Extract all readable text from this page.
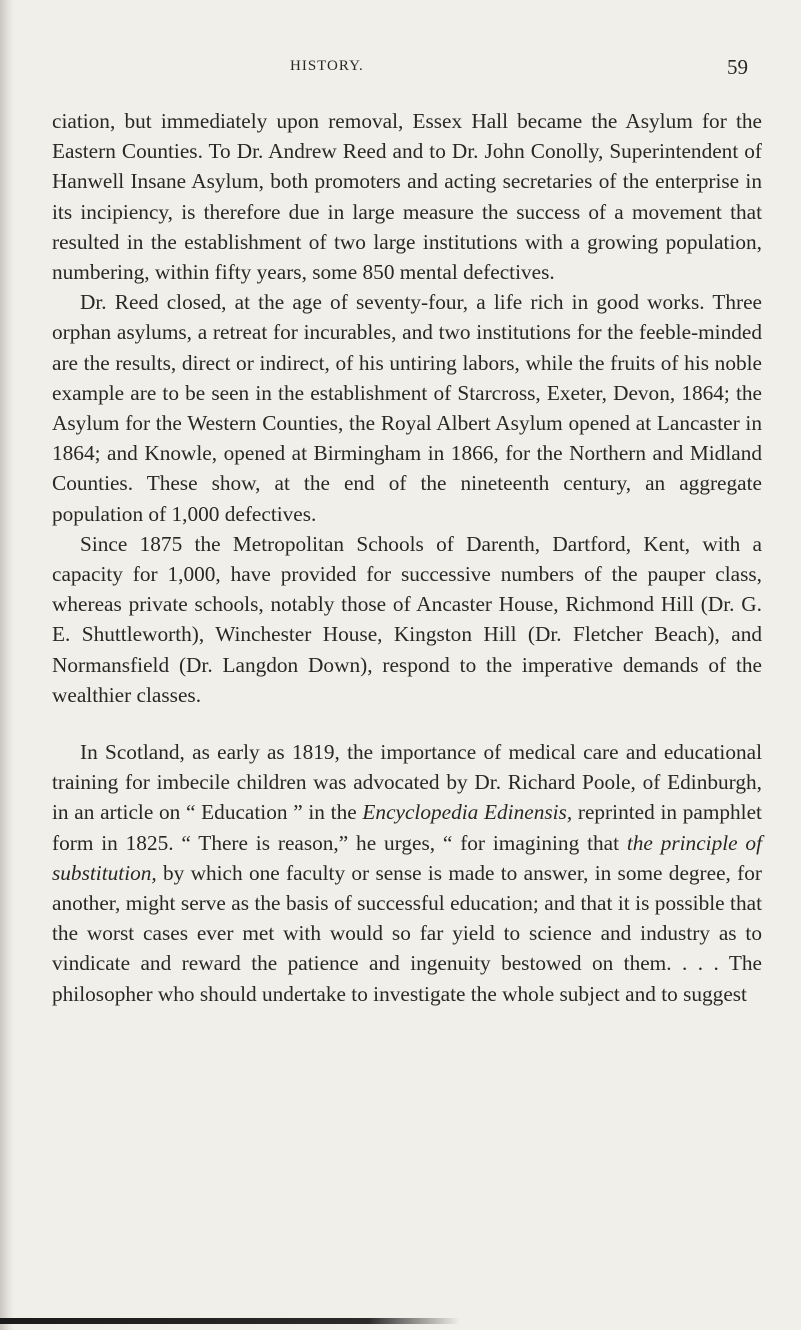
HISTORY.	59

ciation, but immediately upon removal, Essex Hall became the Asylum for the Eastern Counties. To Dr. Andrew Reed and to Dr. John Conolly, Superintendent of Hanwell Insane Asylum, both promoters and acting secretaries of the enterprise in its incipiency, is therefore due in large measure the success of a movement that resulted in the establishment of two large institutions with a growing population, numbering, within fifty years, some 850 mental defectives.

Dr. Reed closed, at the age of seventy-four, a life rich in good works. Three orphan asylums, a retreat for incurables, and two institutions for the feeble-minded are the results, direct or indirect, of his untiring labors, while the fruits of his noble example are to be seen in the establishment of Starcross, Exeter, Devon, 1864; the Asylum for the Western Counties, the Royal Albert Asylum opened at Lancaster in 1864; and Knowle, opened at Birmingham in 1866, for the Northern and Midland Counties. These show, at the end of the nineteenth century, an aggregate population of 1,000 defectives.

Since 1875 the Metropolitan Schools of Darenth, Dartford, Kent, with a capacity for 1,000, have provided for successive numbers of the pauper class, whereas private schools, notably those of Ancaster House, Richmond Hill (Dr. G. E. Shuttleworth), Winchester House, Kingston Hill (Dr. Fletcher Beach), and Normansfield (Dr. Langdon Down), respond to the imperative demands of the wealthier classes.

In Scotland, as early as 1819, the importance of medical care and educational training for imbecile children was advocated by Dr. Richard Poole, of Edinburgh, in an article on “ Education ” in the Encyclopedia Edinensis, reprinted in pamphlet form in 1825. “ There is reason,” he urges, “ for imagining that the principle of substitution, by which one faculty or sense is made to answer, in some degree, for another, might serve as the basis of successful education; and that it is possible that the worst cases ever met with would so far yield to science and industry as to vindicate and reward the patience and ingenuity bestowed on them. . . . The philosopher who should undertake to investigate the whole subject and to suggest
